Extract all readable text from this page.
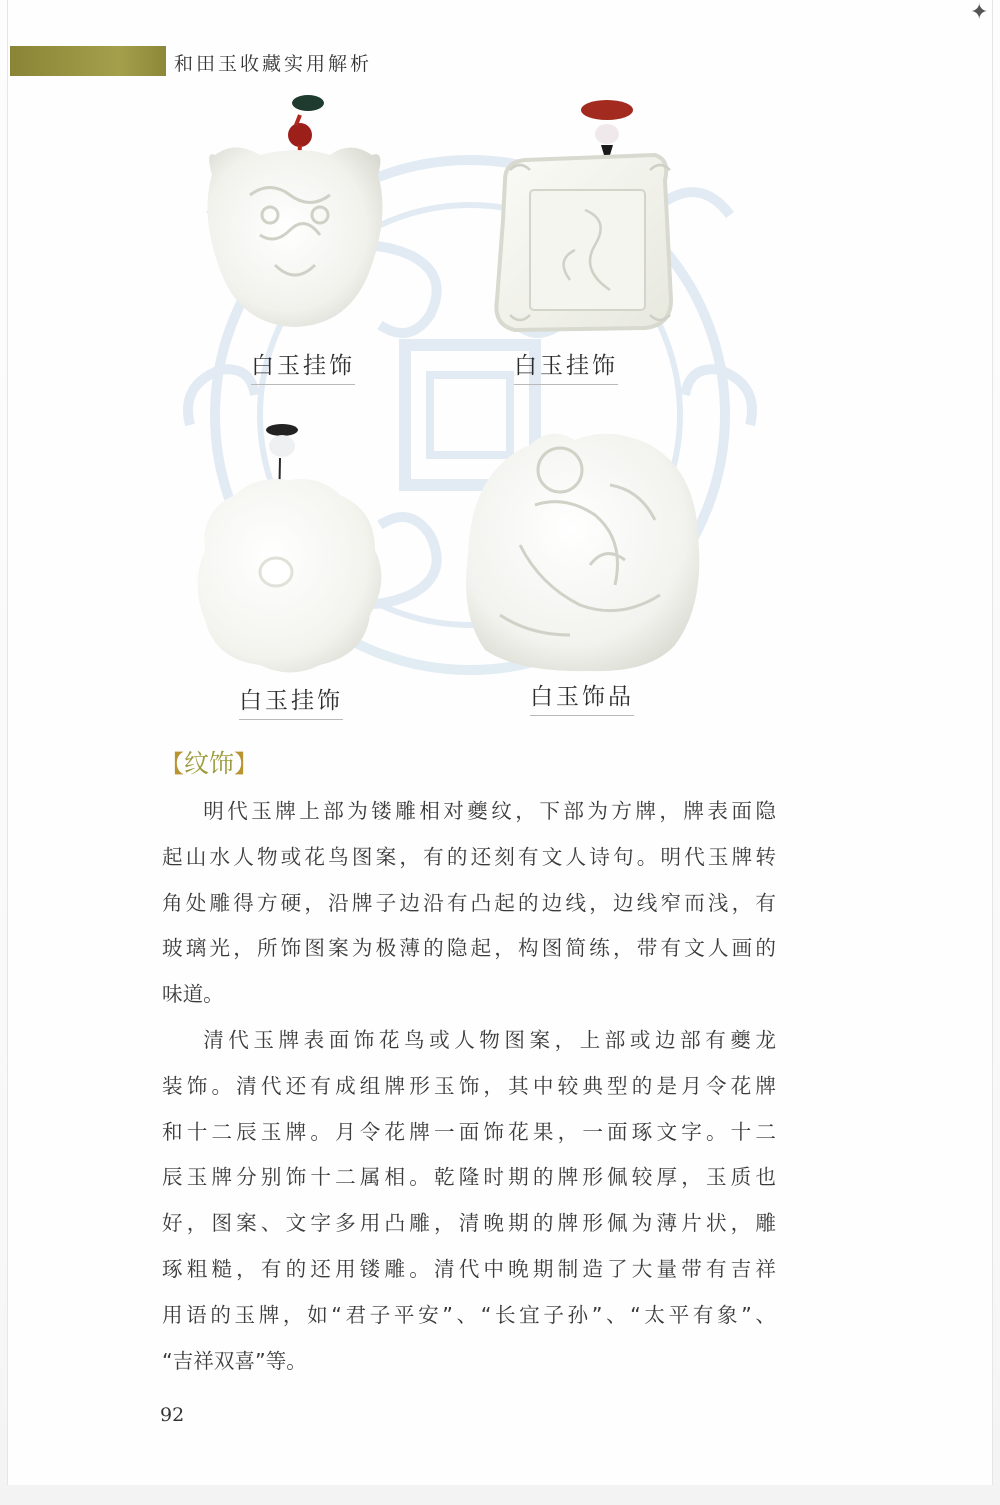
✦
和田玉收藏实用解析
白玉挂饰	白玉挂饰
白玉挂饰	白玉饰品
【纹饰】
明代玉牌上部为镂雕相对夔纹，下部为方牌，牌表面隐
起山水人物或花鸟图案，有的还刻有文人诗句。明代玉牌转
角处雕得方硬，沿牌子边沿有凸起的边线，边线窄而浅，有
玻璃光，所饰图案为极薄的隐起，构图简练，带有文人画的
味道。
清代玉牌表面饰花鸟或人物图案，上部或边部有夔龙
装饰。清代还有成组牌形玉饰，其中较典型的是月令花牌
和十二辰玉牌。月令花牌一面饰花果，一面琢文字。十二
辰玉牌分别饰十二属相。乾隆时期的牌形佩较厚，玉质也
好，图案、文字多用凸雕，清晚期的牌形佩为薄片状，雕
琢粗糙，有的还用镂雕。清代中晚期制造了大量带有吉祥
用语的玉牌，如“君子平安”、“长宜子孙”、“太平有象”、
“吉祥双喜”等。
92
